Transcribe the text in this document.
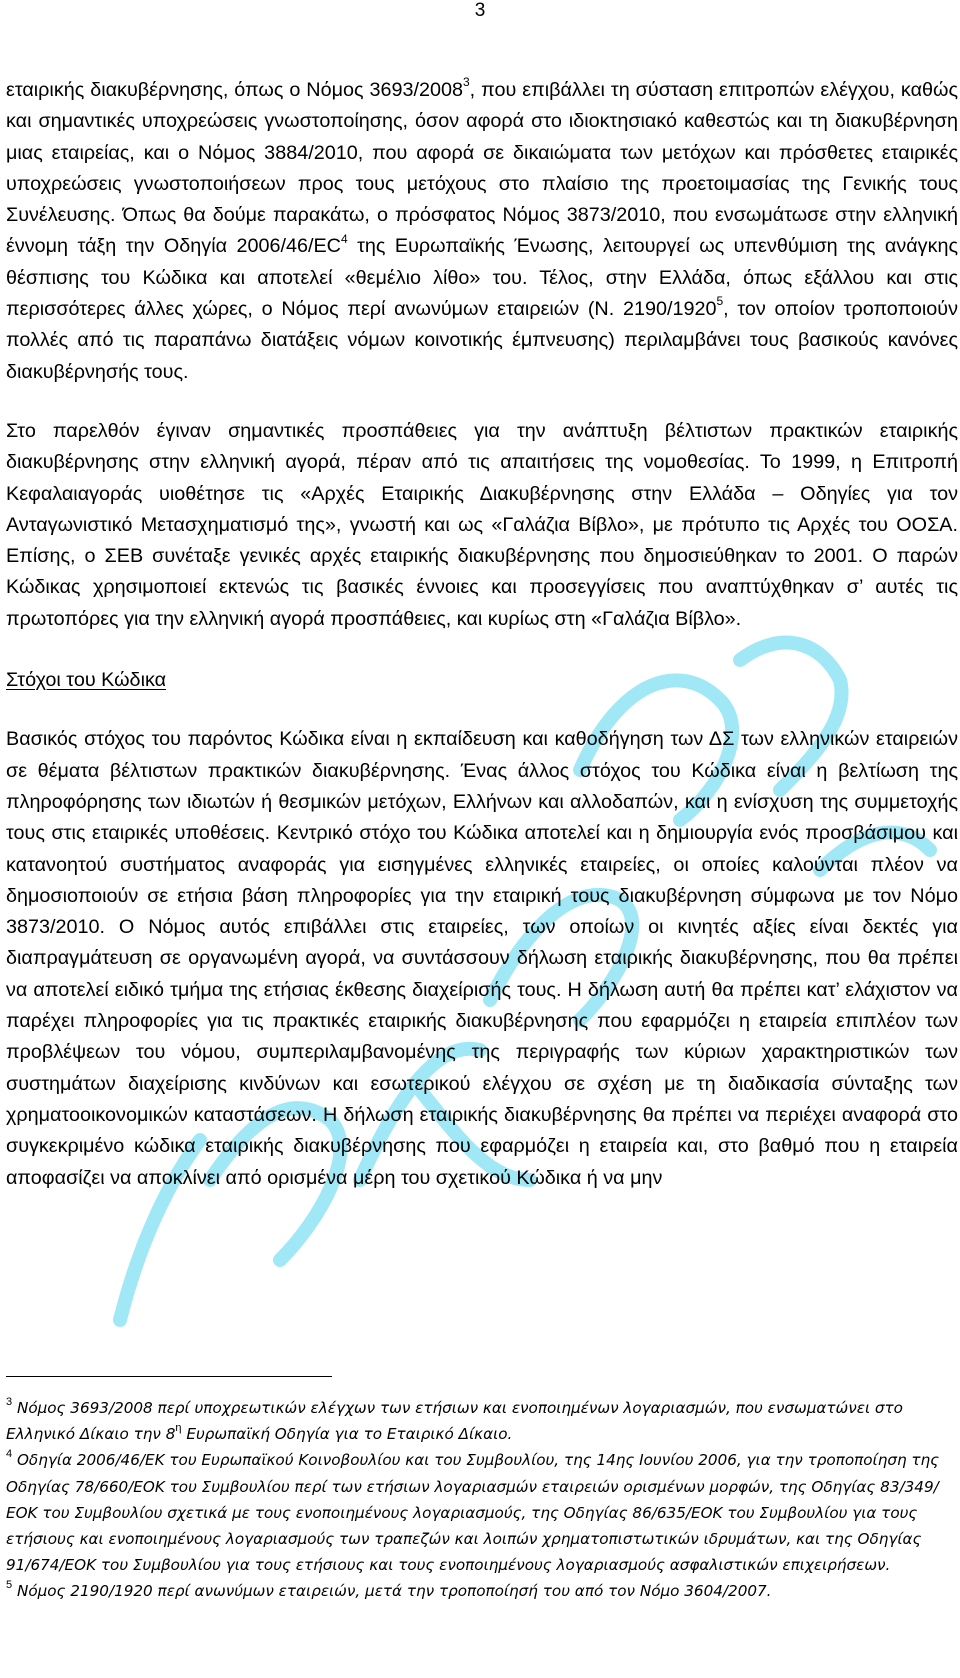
3

εταιρικής διακυβέρνησης, όπως ο Νόμος 3693/2008$^3$, που επιβάλλει τη σύσταση επιτροπών ελέγχου, καθώς και σημαντικές υποχρεώσεις γνωστοποίησης, όσον αφορά στο ιδιοκτησιακό καθεστώς και τη διακυβέρνηση μιας εταιρείας, και ο Νόμος 3884/2010, που αφορά σε δικαιώματα των μετόχων και πρόσθετες εταιρικές υποχρεώσεις γνωστοποιήσεων προς τους μετόχους στο πλαίσιο της προετοιμασίας της Γενικής τους Συνέλευσης. Όπως θα δούμε παρακάτω, ο πρόσφατος Νόμος 3873/2010, που ενσωμάτωσε στην ελληνική έννομη τάξη την Οδηγία $2006/46/EC^4$ της Ευρωπαϊκής Ένωσης, λειτουργεί ως υπενθύμιση της ανάγκης θέσπισης του Κώδικα και αποτελεί «θεμέλιο λίθο» του. Τέλος, στην Ελλάδα, όπως εξάλλου και στις περισσότερες άλλες χώρες, ο Νόμος περί ανωνύμων εταιρειών (Ν. 2190/1920$^5$, τον οποίον τροποποιούν πολλές από τις παραπάνω διατάξεις νόμων κοινοτικής έμπνευσης) περιλαμβάνει τους βασικούς κανόνες διακυβέρνησής τους.

Στο παρελθόν έγιναν σημαντικές προσπάθειες για την ανάπτυξη βέλτιστων πρακτικών εταιρικής διακυβέρνησης στην ελληνική αγορά, πέραν από τις απαιτήσεις της νομοθεσίας. Το 1999, η Επιτροπή Κεφαλαιαγοράς υιοθέτησε τις «Αρχές Εταιρικής Διακυβέρνησης στην Ελλάδα – Οδηγίες για τον Ανταγωνιστικό Μετασχηματισμό της», γνωστή και ως «Γαλάζια Βίβλο», με πρότυπο τις Αρχές του ΟΟΣΑ. Επίσης, ο ΣΕΒ συνέταξε γενικές αρχές εταιρικής διακυβέρνησης που δημοσιεύθηκαν το 2001. Ο παρών Κώδικας χρησιμοποιεί εκτενώς τις βασικές έννοιες και προσεγγίσεις που αναπτύχθηκαν σ’ αυτές τις πρωτοπόρες για την ελληνική αγορά προσπάθειες, και κυρίως στη «Γαλάζια Βίβλο».

Στόχοι του Κώδικα

Βασικός στόχος του παρόντος Κώδικα είναι η εκπαίδευση και καθοδήγηση των ΔΣ των ελληνικών εταιρειών σε θέματα βέλτιστων πρακτικών διακυβέρνησης. Ένας άλλος στόχος του Κώδικα είναι η βελτίωση της πληροφόρησης των ιδιωτών ή θεσμικών μετόχων, Ελλήνων και αλλοδαπών, και η ενίσχυση της συμμετοχής τους στις εταιρικές υποθέσεις. Κεντρικό στόχο του Κώδικα αποτελεί και η δημιουργία ενός προσβάσιμου και κατανοητού συστήματος αναφοράς για εισηγμένες ελληνικές εταιρείες, οι οποίες καλούνται πλέον να δημοσιοποιούν σε ετήσια βάση πληροφορίες για την εταιρική τους διακυβέρνηση σύμφωνα με τον Νόμο 3873/2010. Ο Νόμος αυτός επιβάλλει στις εταιρείες, των οποίων οι κινητές αξίες είναι δεκτές για διαπραγμάτευση σε οργανωμένη αγορά, να συντάσσουν δήλωση εταιρικής διακυβέρνησης, που θα πρέπει να αποτελεί ειδικό τμήμα της ετήσιας έκθεσης διαχείρισής τους. Η δήλωση αυτή θα πρέπει κατ’ ελάχιστον να παρέχει πληροφορίες για τις πρακτικές εταιρικής διακυβέρνησης που εφαρμόζει η εταιρεία επιπλέον των προβλέψεων του νόμου, συμπεριλαμβανομένης της περιγραφής των κύριων χαρακτηριστικών των συστημάτων διαχείρισης κινδύνων και εσωτερικού ελέγχου σε σχέση με τη διαδικασία σύνταξης των χρηματοοικονομικών καταστάσεων. Η δήλωση εταιρικής διακυβέρνησης θα πρέπει να περιέχει αναφορά στο συγκεκριμένο κώδικα εταιρικής διακυβέρνησης που εφαρμόζει η εταιρεία και, στο βαθμό που η εταιρεία αποφασίζει να αποκλίνει από ορισμένα μέρη του σχετικού Κώδικα ή να μην

$^3$ Νόμος 3693/2008 περί υποχρεωτικών ελέγχων των ετήσιων και ενοποιημένων λογαριασμών, που ενσωματώνει στο Ελληνικό Δίκαιο την $8^\eta$ Ευρωπαϊκή Οδηγία για το Εταιρικό Δίκαιο.

$^4$ Οδηγία 2006/46/ΕΚ του Ευρωπαϊκού Κοινοβουλίου και του Συμβουλίου, της 14ης Ιουνίου 2006, για την τροποποίηση της Οδηγίας 78/660/ΕΟΚ του Συμβουλίου περί των ετήσιων λογαριασμών εταιρειών ορισμένων μορφών, της Οδηγίας 83/349/ΕΟΚ του Συμβουλίου σχετικά με τους ενοποιημένους λογαριασμούς, της Οδηγίας 86/635/ΕΟΚ του Συμβουλίου για τους ετήσιους και ενοποιημένους λογαριασμούς των τραπεζών και λοιπών χρηματοπιστωτικών ιδρυμάτων, και της Οδηγίας 91/674/ΕΟΚ του Συμβουλίου για τους ετήσιους και τους ενοποιημένους λογαριασμούς ασφαλιστικών επιχειρήσεων.

$^5$ Νόμος 2190/1920 περί ανωνύμων εταιρειών, μετά την τροποποίησή του από τον Νόμο 3604/2007.
